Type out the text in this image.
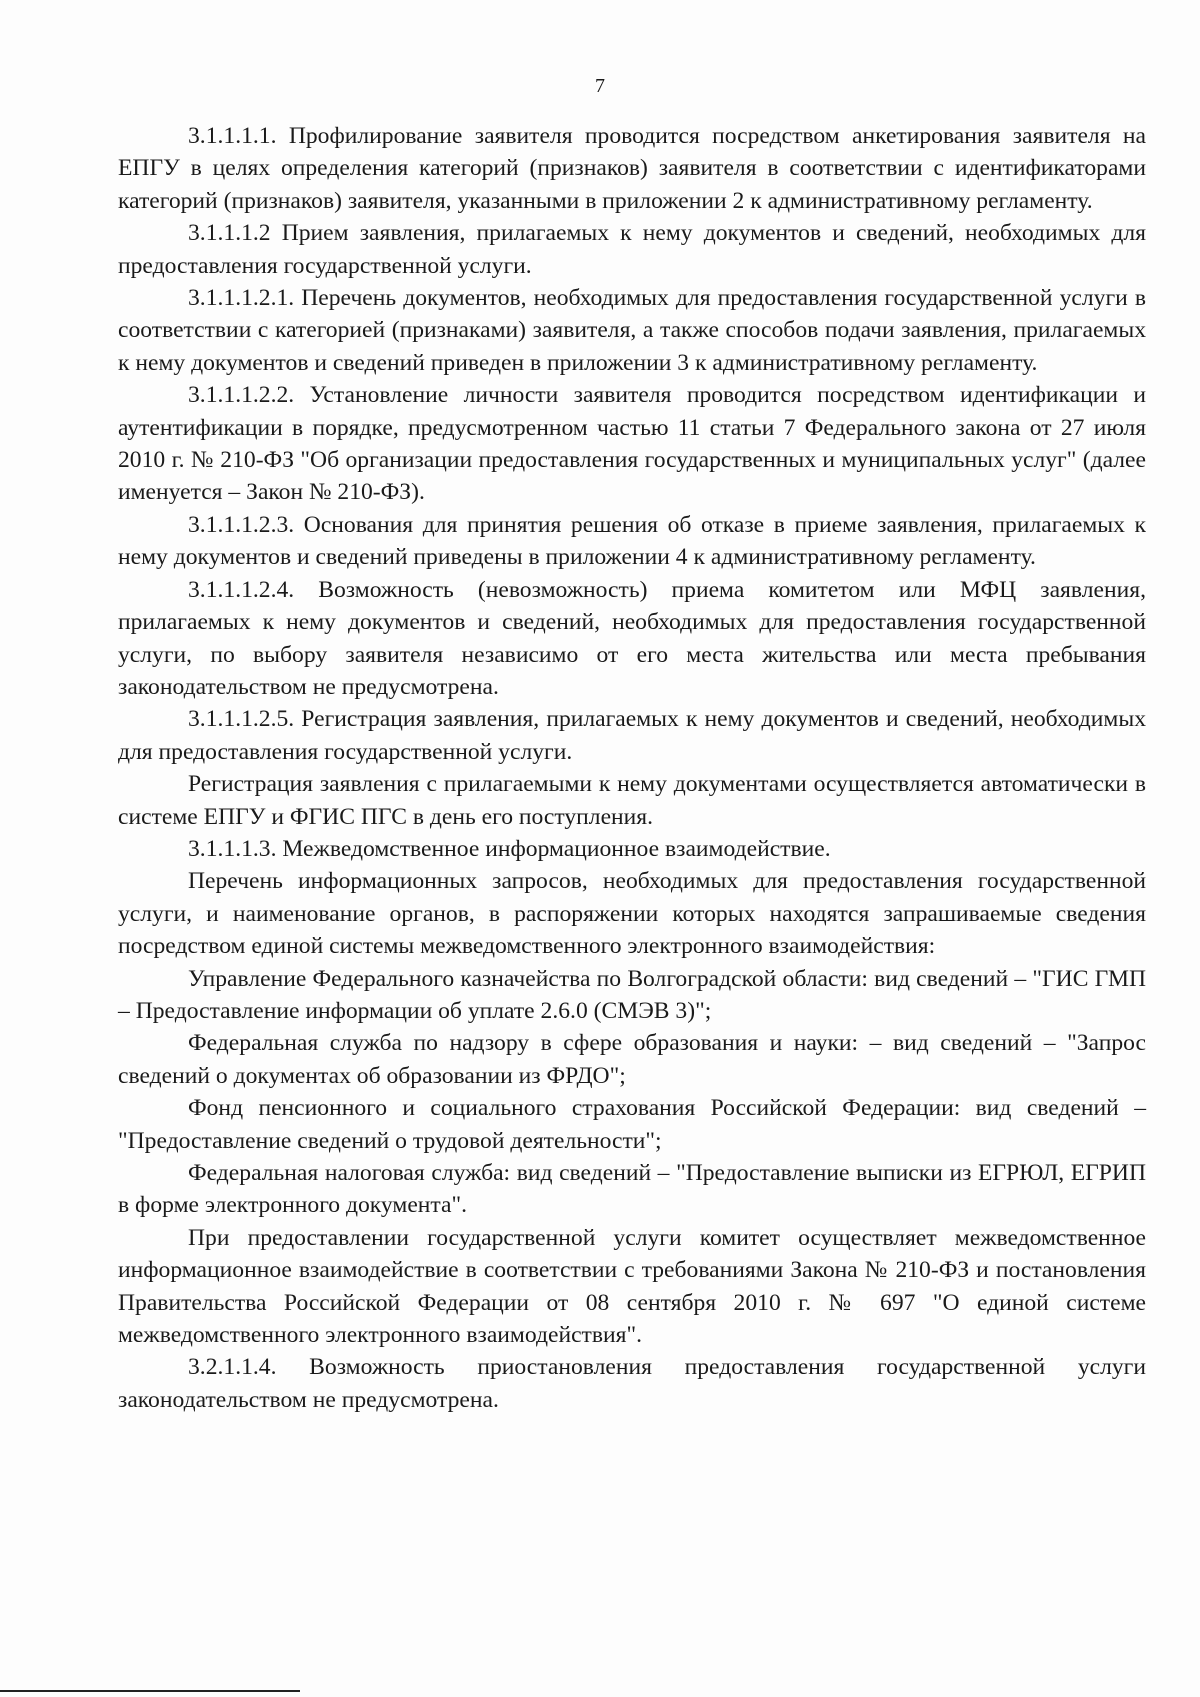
7

3.1.1.1.1. Профилирование заявителя проводится посредством анкетирования заявителя на ЕПГУ в целях определения категорий (признаков) заявителя в соответствии с идентификаторами категорий (признаков) заявителя, указанными в приложении 2 к административному регламенту.

3.1.1.1.2 Прием заявления, прилагаемых к нему документов и сведений, необходимых для предоставления государственной услуги.

3.1.1.1.2.1. Перечень документов, необходимых для предоставления государственной услуги в соответствии с категорией (признаками) заявителя, а также способов подачи заявления, прилагаемых к нему документов и сведений приведен в приложении 3 к административному регламенту.

3.1.1.1.2.2. Установление личности заявителя проводится посредством идентификации и аутентификации в порядке, предусмотренном частью 11 статьи 7 Федерального закона от 27 июля 2010 г. № 210-ФЗ "Об организации предоставления государственных и муниципальных услуг" (далее именуется – Закон № 210-ФЗ).

3.1.1.1.2.3. Основания для принятия решения об отказе в приеме заявления, прилагаемых к нему документов и сведений приведены в приложении 4 к административному регламенту.

3.1.1.1.2.4. Возможность (невозможность) приема комитетом или МФЦ заявления, прилагаемых к нему документов и сведений, необходимых для предоставления государственной услуги, по выбору заявителя независимо от его места жительства или места пребывания законодательством не предусмотрена.

3.1.1.1.2.5. Регистрация заявления, прилагаемых к нему документов и сведений, необходимых для предоставления государственной услуги.

Регистрация заявления с прилагаемыми к нему документами осуществляется автоматически в системе ЕПГУ и ФГИС ПГС в день его поступления.

3.1.1.1.3. Межведомственное информационное взаимодействие.

Перечень информационных запросов, необходимых для предоставления государственной услуги, и наименование органов, в распоряжении которых находятся запрашиваемые сведения посредством единой системы межведомственного электронного взаимодействия:

Управление Федерального казначейства по Волгоградской области: вид сведений – "ГИС ГМП – Предоставление информации об уплате 2.6.0 (СМЭВ 3)";

Федеральная служба по надзору в сфере образования и науки: – вид сведений – "Запрос сведений о документах об образовании из ФРДО";

Фонд пенсионного и социального страхования Российской Федерации: вид сведений – "Предоставление сведений о трудовой деятельности";

Федеральная налоговая служба: вид сведений – "Предоставление выписки из ЕГРЮЛ, ЕГРИП в форме электронного документа".

При предоставлении государственной услуги комитет осуществляет межведомственное информационное взаимодействие в соответствии с требованиями Закона № 210-ФЗ и постановления Правительства Российской Федерации от 08 сентября 2010 г. № 697 "О единой системе межведомственного электронного взаимодействия".

3.2.1.1.4. Возможность приостановления предоставления государственной услуги законодательством не предусмотрена.
